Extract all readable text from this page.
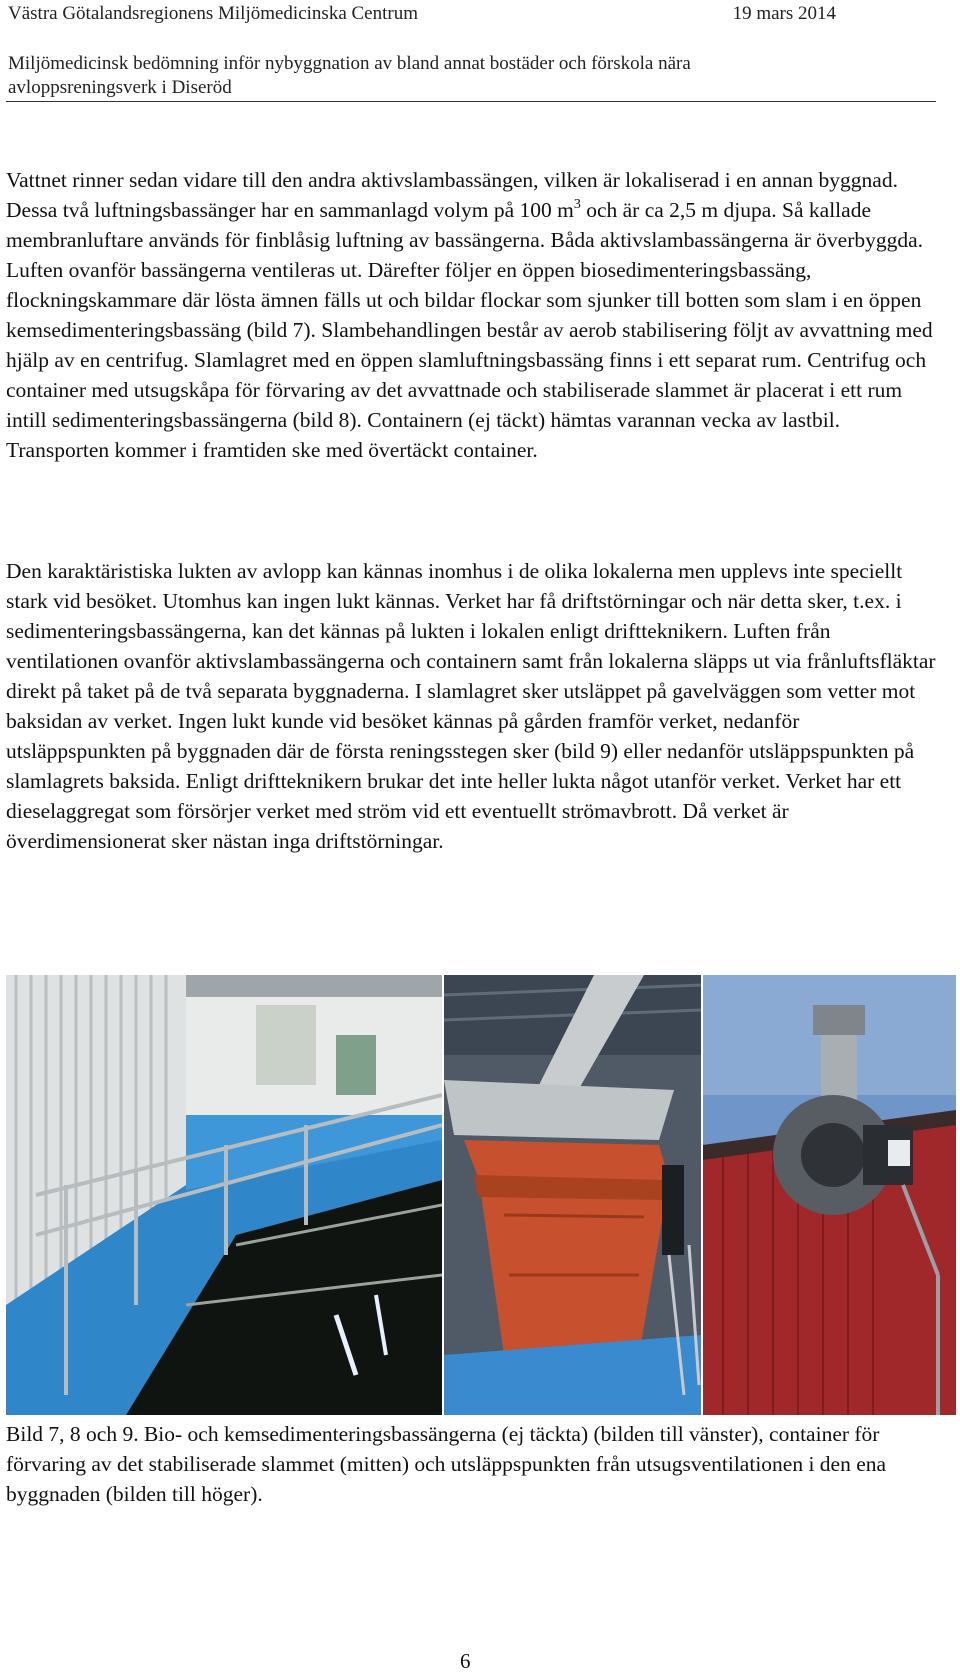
Västra Götalandsregionens Miljömedicinska Centrum	19 mars 2014
Miljömedicinsk bedömning inför nybyggnation av bland annat bostäder och förskola nära
avloppsreningsverk i Diseröd

Vattnet rinner sedan vidare till den andra aktivslambassängen, vilken är lokaliserad i en annan byggnad. Dessa två luftningsbassänger har en sammanlagd volym på 100 $m^3$ och är ca 2,5 m djupa. Så kallade membranluftare används för finblåsig luftning av bassängerna. Båda aktivslambassängerna är överbyggda. Luften ovanför bassängerna ventileras ut. Därefter följer en öppen biosedimenteringsbassäng, flockningskammare där lösta ämnen fälls ut och bildar flockar som sjunker till botten som slam i en öppen kemsedimenteringsbassäng (bild 7). Slambehandlingen består av aerob stabilisering följt av avvattning med hjälp av en centrifug. Slamlagret med en öppen slamluftningsbassäng finns i ett separat rum. Centrifug och container med utsugskåpa för förvaring av det avvattnade och stabiliserade slammet är placerat i ett rum intill sedimenteringsbassängerna (bild 8). Containern (ej täckt) hämtas varannan vecka av lastbil. Transporten kommer i framtiden ske med övertäckt container.

Den karaktäristiska lukten av avlopp kan kännas inomhus i de olika lokalerna men upplevs inte speciellt stark vid besöket. Utomhus kan ingen lukt kännas. Verket har få driftstörningar och när detta sker, t.ex. i sedimenteringsbassängerna, kan det kännas på lukten i lokalen enligt driftteknikern. Luften från ventilationen ovanför aktivslambassängerna och containern samt från lokalerna släpps ut via frånluftsfläktar direkt på taket på de två separata byggnaderna. I slamlagret sker utsläppet på gavelväggen som vetter mot baksidan av verket. Ingen lukt kunde vid besöket kännas på gården framför verket, nedanför utsläppspunkten på byggnaden där de första reningsstegen sker (bild 9) eller nedanför utsläppspunkten på slamlagrets baksida. Enligt driftteknikern brukar det inte heller lukta något utanför verket. Verket har ett dieselaggregat som försörjer verket med ström vid ett eventuellt strömavbrott. Då verket är överdimensionerat sker nästan inga driftstörningar.

Bild 7, 8 och 9. Bio- och kemsedimenteringsbassängerna (ej täckta) (bilden till vänster), container för förvaring av det stabiliserade slammet (mitten) och utsläppspunkten från utsugsventilationen i den ena byggnaden (bilden till höger).

6
